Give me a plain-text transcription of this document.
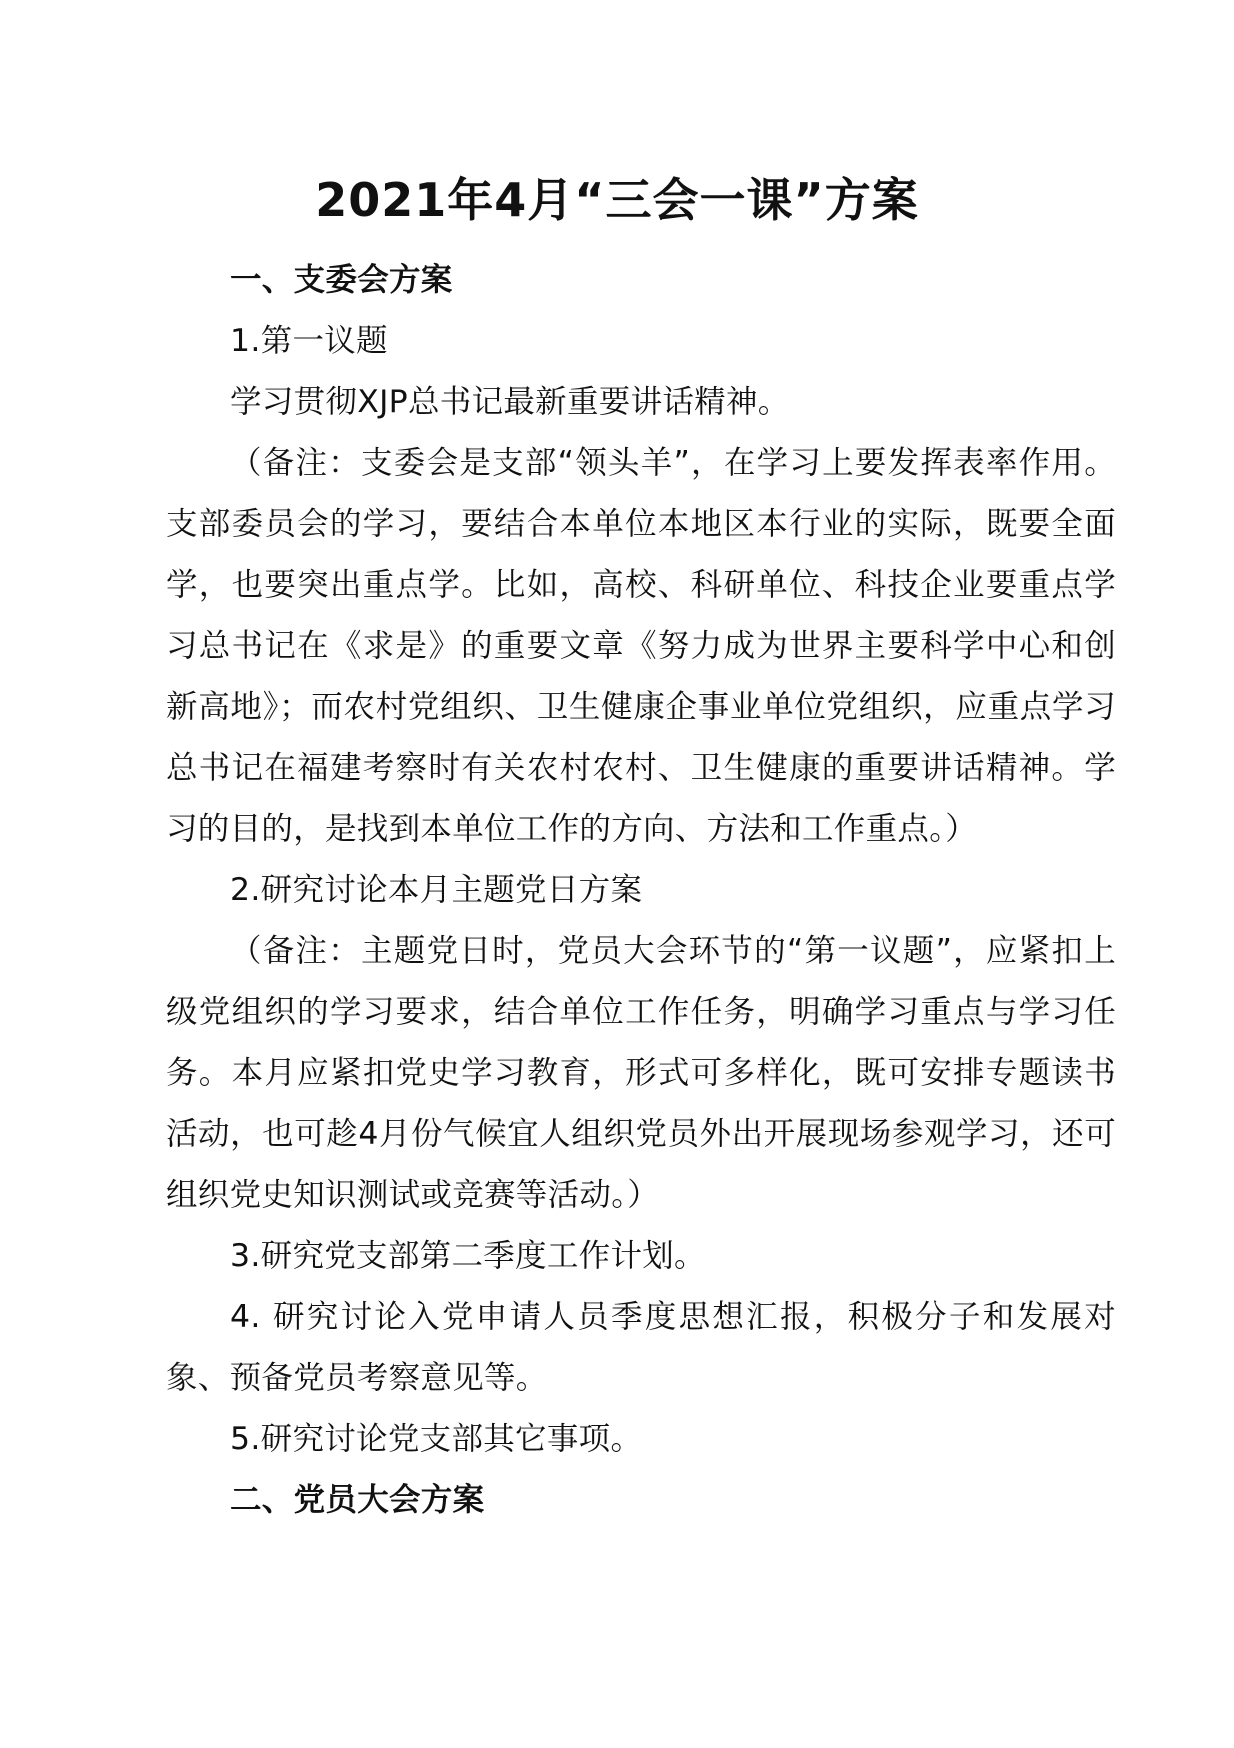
2021年4月“三会一课”方案

一、支委会方案

1.第一议题

学习贯彻XJP总书记最新重要讲话精神。

（备注：支委会是支部“领头羊”，在学习上要发挥表率作用。支部委员会的学习，要结合本单位本地区本行业的实际，既要全面学，也要突出重点学。比如，高校、科研单位、科技企业要重点学习总书记在《求是》的重要文章《努力成为世界主要科学中心和创新高地》；而农村党组织、卫生健康企事业单位党组织，应重点学习总书记在福建考察时有关农村农村、卫生健康的重要讲话精神。学习的目的，是找到本单位工作的方向、方法和工作重点。）

2.研究讨论本月主题党日方案

（备注：主题党日时，党员大会环节的“第一议题”，应紧扣上级党组织的学习要求，结合单位工作任务，明确学习重点与学习任务。本月应紧扣党史学习教育，形式可多样化，既可安排专题读书活动，也可趁4月份气候宜人组织党员外出开展现场参观学习，还可组织党史知识测试或竞赛等活动。）

3.研究党支部第二季度工作计划。

4. 研究讨论入党申请人员季度思想汇报，积极分子和发展对象、预备党员考察意见等。

5.研究讨论党支部其它事项。

二、党员大会方案
